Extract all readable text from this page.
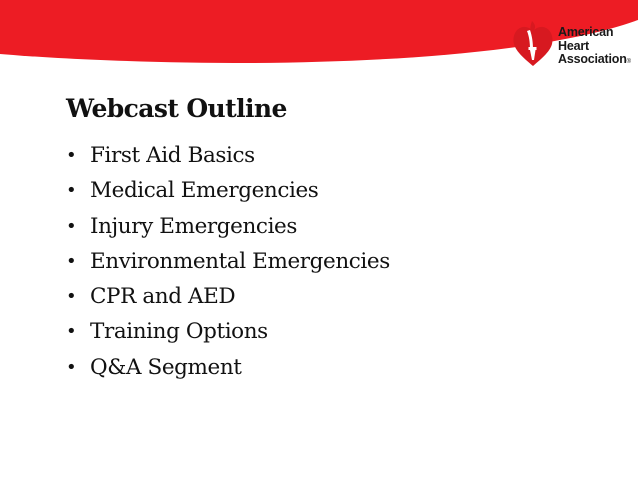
American
Heart
Association®
Webcast Outline
• First Aid Basics
• Medical Emergencies
• Injury Emergencies
• Environmental Emergencies
• CPR and AED
• Training Options
• Q&A Segment
